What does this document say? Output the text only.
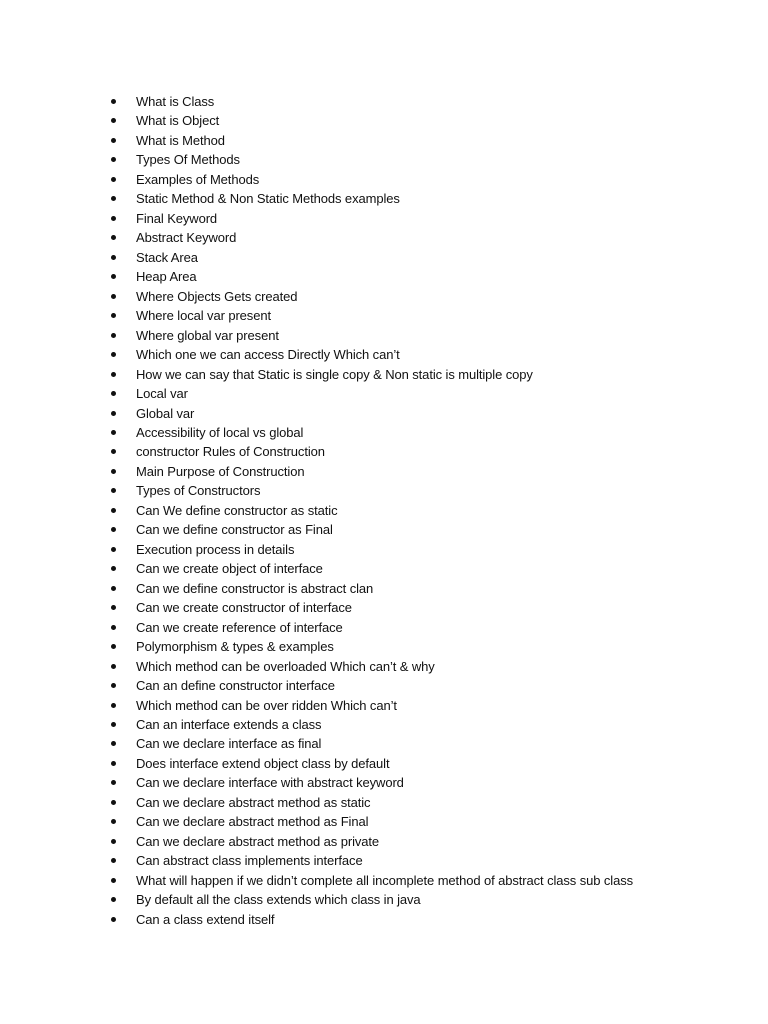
What is Class
What is Object
What is Method
Types Of Methods
Examples of Methods
Static Method & Non Static Methods examples
Final Keyword
Abstract Keyword
Stack Area
Heap Area
Where Objects Gets created
Where local var present
Where global var present
Which one we can access Directly Which can’t
How we can say that Static is single copy & Non static is multiple copy
Local var
Global var
Accessibility of local vs global
constructor Rules of Construction
Main Purpose of Construction
Types of Constructors
Can We define constructor as static
Can we define constructor as Final
Execution process in details
Can we create object of interface
Can we define constructor is abstract clan
Can we create constructor of interface
Can we create reference of interface
Polymorphism & types & examples
Which method can be overloaded Which can’t & why
Can an define constructor interface
Which method can be over ridden Which can’t
Can an interface extends a class
Can we declare interface as final
Does interface extend object class by default
Can we declare interface with abstract keyword
Can we declare abstract method as static
Can we declare abstract method as Final
Can we declare abstract method as private
Can abstract class implements interface
What will happen if we didn’t complete all incomplete method of abstract class sub class
By default all the class extends which class in java
Can a class extend itself
